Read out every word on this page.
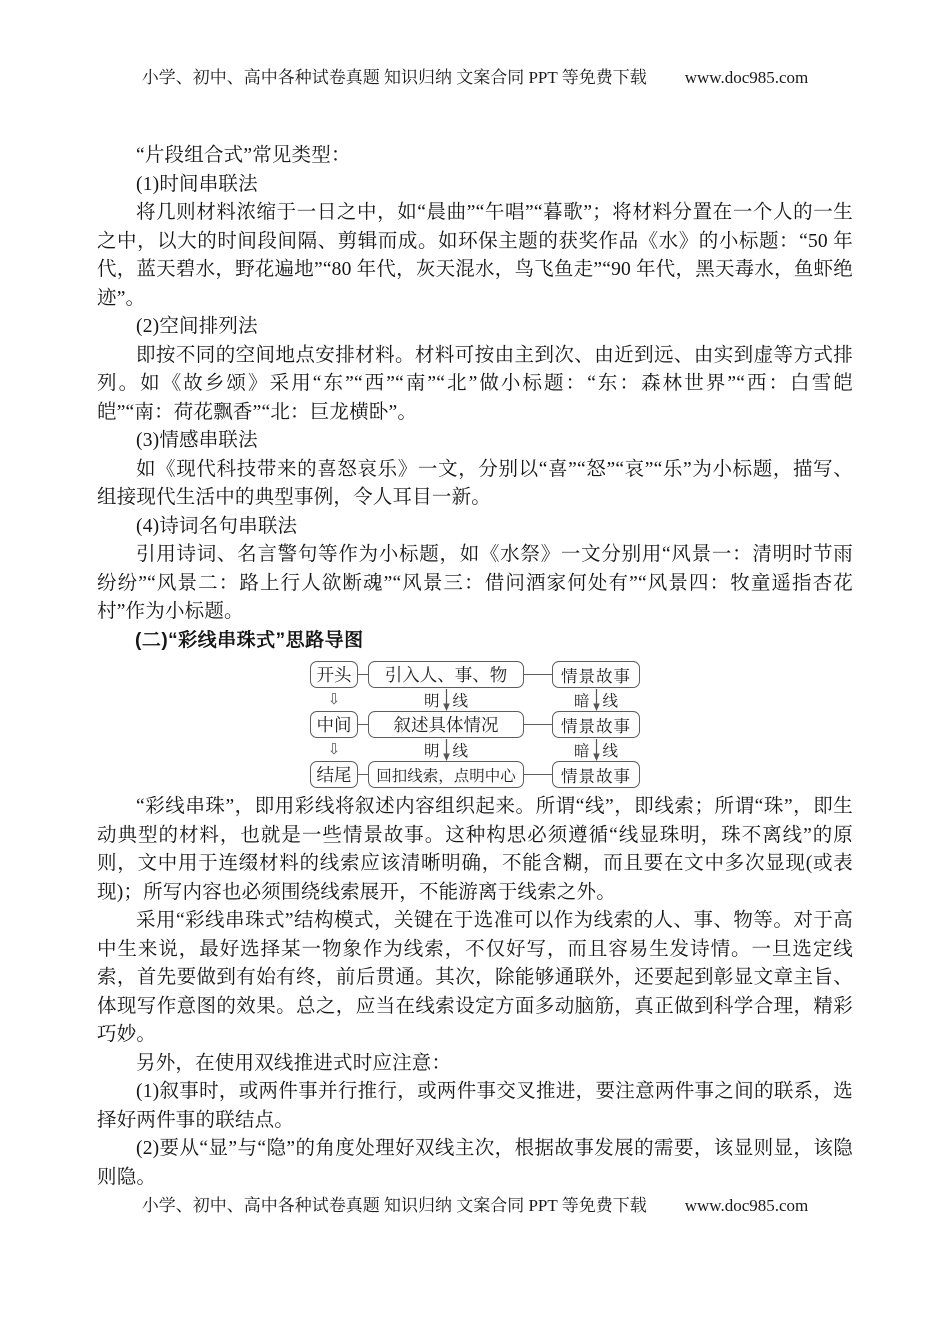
小学、初中、高中各种试卷真题 知识归纳 文案合同 PPT 等免费下载 www.doc985.com

“片段组合式”常见类型：

(1)时间串联法

将几则材料浓缩于一日之中，如“晨曲”“午唱”“暮歌”；将材料分置在一个人的一生之中，以大的时间段间隔、剪辑而成。如环保主题的获奖作品《水》的小标题：“50 年代，蓝天碧水，野花遍地”“80 年代，灰天混水，鸟飞鱼走”“90 年代，黑天毒水，鱼虾绝迹”。

(2)空间排列法

即按不同的空间地点安排材料。材料可按由主到次、由近到远、由实到虚等方式排列。如《故乡颂》采用“东”“西”“南”“北”做小标题：“东：森林世界”“西：白雪皑皑”“南：荷花飘香”“北：巨龙横卧”。

(3)情感串联法

如《现代科技带来的喜怒哀乐》一文，分别以“喜”“怒”“哀”“乐”为小标题，描写、组接现代生活中的典型事例，令人耳目一新。

(4)诗词名句串联法

引用诗词、名言警句等作为小标题，如《水祭》一文分别用“风景一：清明时节雨纷纷”“风景二：路上行人欲断魂”“风景三：借问酒家何处有”“风景四：牧童遥指杏花村”作为小标题。

(二)“彩线串珠式”思路导图

开头	引入人、事、物	情景故事
⇩	明 线	暗 线
中间	叙述具体情况	情景故事
⇩	明 线	暗 线
结尾	回扣线索，点明中心	情景故事

“彩线串珠”，即用彩线将叙述内容组织起来。所谓“线”，即线索；所谓“珠”，即生动典型的材料，也就是一些情景故事。这种构思必须遵循“线显珠明，珠不离线”的原则，文中用于连缀材料的线索应该清晰明确，不能含糊，而且要在文中多次显现(或表现)；所写内容也必须围绕线索展开，不能游离于线索之外。

采用“彩线串珠式”结构模式，关键在于选准可以作为线索的人、事、物等。对于高中生来说，最好选择某一物象作为线索，不仅好写，而且容易生发诗情。一旦选定线索，首先要做到有始有终，前后贯通。其次，除能够通联外，还要起到彰显文章主旨、体现写作意图的效果。总之，应当在线索设定方面多动脑筋，真正做到科学合理，精彩巧妙。

另外，在使用双线推进式时应注意：

(1)叙事时，或两件事并行推行，或两件事交叉推进，要注意两件事之间的联系，选择好两件事的联结点。

(2)要从“显”与“隐”的角度处理好双线主次，根据故事发展的需要，该显则显，该隐则隐。

小学、初中、高中各种试卷真题 知识归纳 文案合同 PPT 等免费下载 www.doc985.com
